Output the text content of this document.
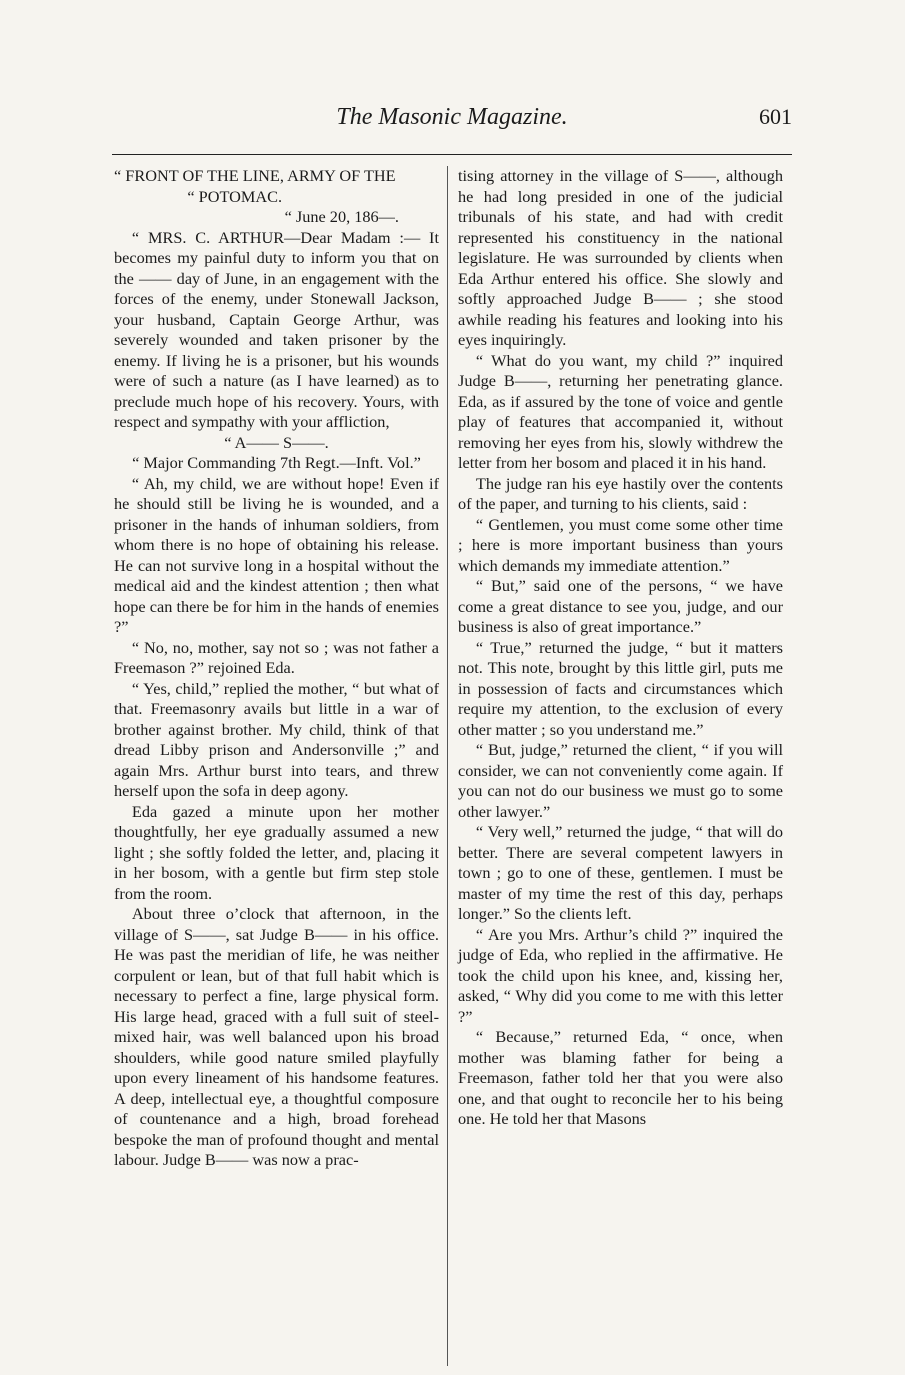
The Masonic Magazine.	601

“ FRONT OF THE LINE, ARMY OF THE

“ POTOMAC.

“ June 20, 186—.

“ MRS. C. ARTHUR—Dear Madam :— It becomes my painful duty to inform you that on the —— day of June, in an engagement with the forces of the enemy, under Stonewall Jackson, your husband, Captain George Arthur, was severely wounded and taken prisoner by the enemy. If living he is a prisoner, but his wounds were of such a nature (as I have learned) as to preclude much hope of his recovery. Yours, with respect and sympathy with your affliction,

“ A—— S——.

“ Major Commanding 7th Regt.—Inft. Vol.”

“ Ah, my child, we are without hope! Even if he should still be living he is wounded, and a prisoner in the hands of inhuman soldiers, from whom there is no hope of obtaining his release. He can not survive long in a hospital without the medical aid and the kindest attention ; then what hope can there be for him in the hands of enemies ?”

“ No, no, mother, say not so ; was not father a Freemason ?” rejoined Eda.

“ Yes, child,” replied the mother, “ but what of that. Freemasonry avails but little in a war of brother against brother. My child, think of that dread Libby prison and Andersonville ;” and again Mrs. Arthur burst into tears, and threw herself upon the sofa in deep agony.

Eda gazed a minute upon her mother thoughtfully, her eye gradually assumed a new light ; she softly folded the letter, and, placing it in her bosom, with a gentle but firm step stole from the room.

About three o’clock that afternoon, in the village of S——, sat Judge B—— in his office. He was past the meridian of life, he was neither corpulent or lean, but of that full habit which is necessary to perfect a fine, large physical form. His large head, graced with a full suit of steel-mixed hair, was well balanced upon his broad shoulders, while good nature smiled playfully upon every lineament of his handsome features. A deep, intellectual eye, a thoughtful composure of countenance and a high, broad forehead bespoke the man of profound thought and mental labour. Judge B—— was now a prac-

tising attorney in the village of S——, although he had long presided in one of the judicial tribunals of his state, and had with credit represented his constituency in the national legislature. He was surrounded by clients when Eda Arthur entered his office. She slowly and softly approached Judge B—— ; she stood awhile reading his features and looking into his eyes inquiringly.

“ What do you want, my child ?” inquired Judge B——, returning her penetrating glance. Eda, as if assured by the tone of voice and gentle play of features that accompanied it, without removing her eyes from his, slowly withdrew the letter from her bosom and placed it in his hand.

The judge ran his eye hastily over the contents of the paper, and turning to his clients, said :

“ Gentlemen, you must come some other time ; here is more important business than yours which demands my immediate attention.”

“ But,” said one of the persons, “ we have come a great distance to see you, judge, and our business is also of great importance.”

“ True,” returned the judge, “ but it matters not. This note, brought by this little girl, puts me in possession of facts and circumstances which require my attention, to the exclusion of every other matter ; so you understand me.”

“ But, judge,” returned the client, “ if you will consider, we can not conveniently come again. If you can not do our business we must go to some other lawyer.”

“ Very well,” returned the judge, “ that will do better. There are several competent lawyers in town ; go to one of these, gentlemen. I must be master of my time the rest of this day, perhaps longer.” So the clients left.

“ Are you Mrs. Arthur’s child ?” inquired the judge of Eda, who replied in the affirmative. He took the child upon his knee, and, kissing her, asked, “ Why did you come to me with this letter ?”

“ Because,” returned Eda, “ once, when mother was blaming father for being a Freemason, father told her that you were also one, and that ought to reconcile her to his being one. He told her that Masons
